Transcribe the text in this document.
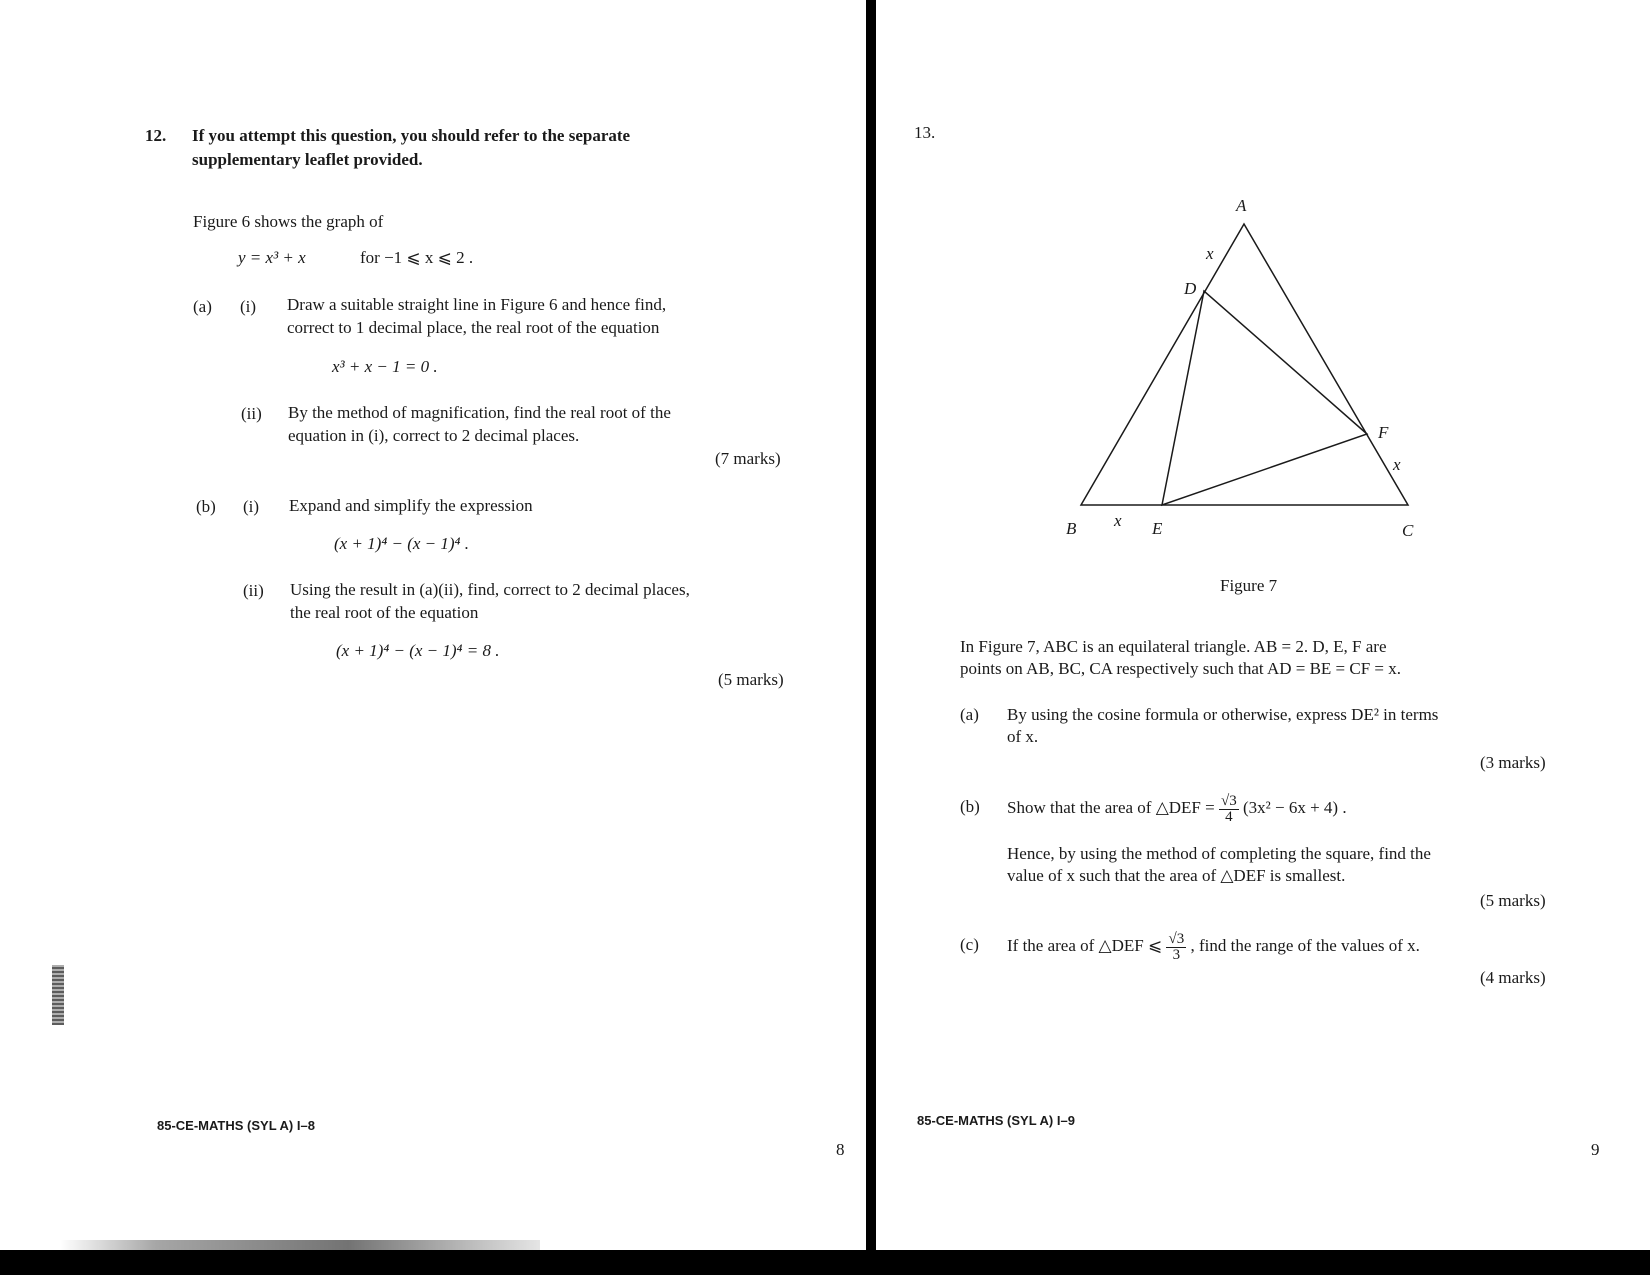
12. If you attempt this question, you should refer to the separate
supplementary leaflet provided.
Figure 6 shows the graph of
y = x³ + x	for −1 ⩽ x ⩽ 2 .
(a) (i) Draw a suitable straight line in Figure 6 and hence find,
correct to 1 decimal place, the real root of the equation
x³ + x − 1 = 0 .
(ii) By the method of magnification, find the real root of the
equation in (i), correct to 2 decimal places.
(7 marks)
(b) (i) Expand and simplify the expression
(x + 1)⁴ − (x − 1)⁴ .
(ii) Using the result in (a)(ii), find, correct to 2 decimal places,
the real root of the equation
(x + 1)⁴ − (x − 1)⁴ = 8 .
(5 marks)
85-CE-MATHS (SYL A) I–8
8
13.
A
B	C
D
E
F
x
x
x
Figure 7
In Figure 7, ABC is an equilateral triangle. AB = 2. D, E, F are
points on AB, BC, CA respectively such that AD = BE = CF = x.
(a) By using the cosine formula or otherwise, express DE² in terms
of x.
(3 marks)
(b) Show that the area of △DEF = $\frac{√3}{4} (3x^2 - 6x + 4)$ .
Hence, by using the method of completing the square, find the
value of x such that the area of △DEF is smallest.
(5 marks)
(c) If the area of △DEF ⩽ $\frac{√3}{3}$ , find the range of the values of x.
(4 marks)
85-CE-MATHS (SYL A) I–9
9
